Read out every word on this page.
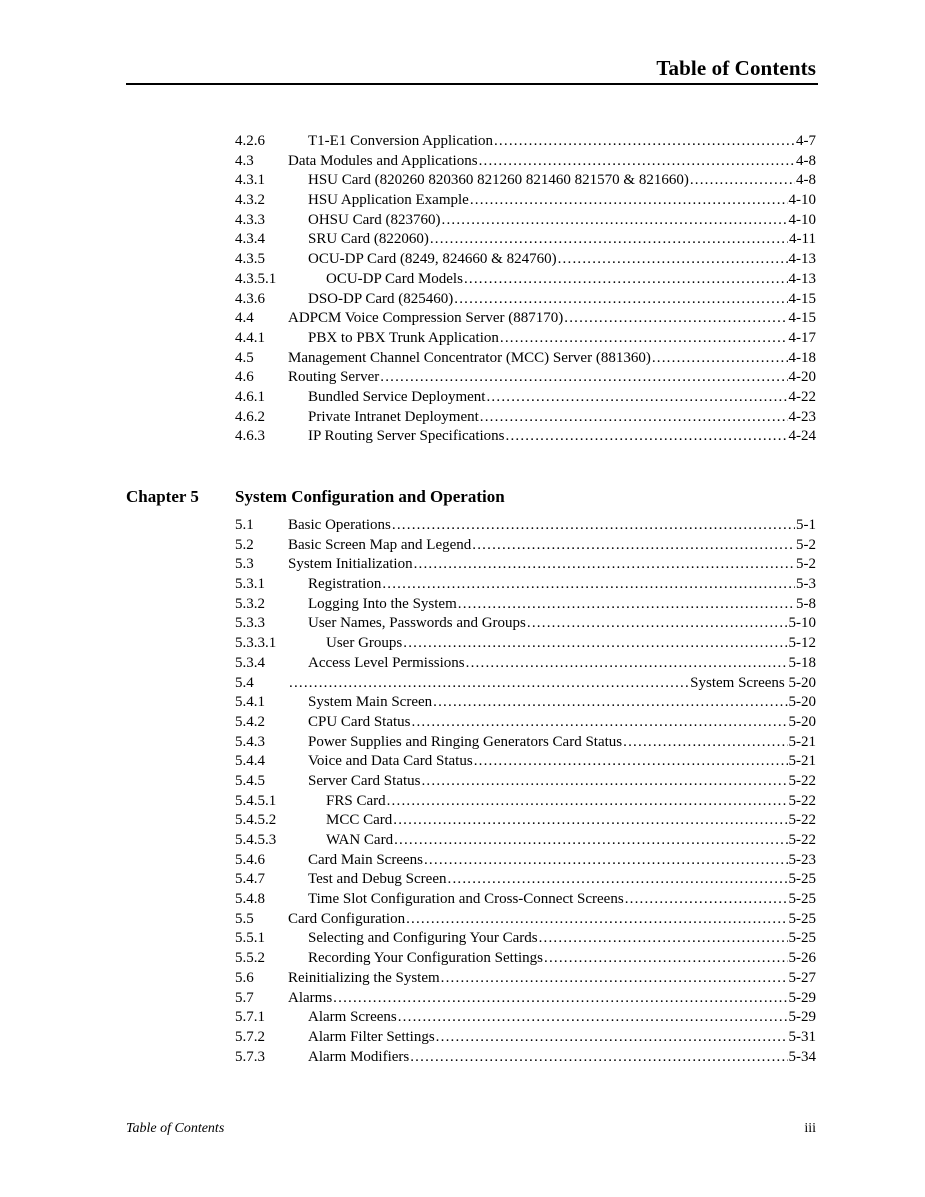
Table of Contents
4.2.6	T1-E1 Conversion Application .....	4-7
4.3 Data Modules and Applications .....	4-8
4.3.1	HSU Card (820260 820360 821260 821460 821570 & 821660) .....	4-8
4.3.2	HSU Application Example .....	4-10
4.3.3	OHSU Card (823760) .....	4-10
4.3.4	SRU Card (822060) .....	4-11
4.3.5	OCU-DP Card (8249, 824660 & 824760) .....	4-13
4.3.5.1	OCU-DP Card Models .....	4-13
4.3.6	DSO-DP Card (825460) .....	4-15
4.4 ADPCM Voice Compression Server (887170) .....	4-15
4.4.1	PBX to PBX Trunk Application .....	4-17
4.5 Management Channel Concentrator (MCC) Server (881360) .....	4-18
4.6 Routing Server .....	4-20
4.6.1	Bundled Service Deployment .....	4-22
4.6.2	Private Intranet Deployment .....	4-23
4.6.3	IP Routing Server Specifications .....	4-24
Chapter 5 System Configuration and Operation
5.1 Basic Operations .....	5-1
5.2 Basic Screen Map and Legend .....	5-2
5.3 System Initialization .....	5-2
5.3.1	Registration .....	5-3
5.3.2	Logging Into the System .....	5-8
5.3.3	User Names, Passwords and Groups .....	5-10
5.3.3.1	User Groups .....	5-12
5.3.4	Access Level Permissions .....	5-18
5.4 .....	System Screens 5-20
5.4.1	System Main Screen .....	5-20
5.4.2	CPU Card Status .....	5-20
5.4.3	Power Supplies and Ringing Generators Card Status .....	5-21
5.4.4	Voice and Data Card Status .....	5-21
5.4.5	Server Card Status .....	5-22
5.4.5.1	FRS Card .....	5-22
5.4.5.2	MCC Card .....	5-22
5.4.5.3	WAN Card .....	5-22
5.4.6	Card Main Screens .....	5-23
5.4.7	Test and Debug Screen .....	5-25
5.4.8	Time Slot Configuration and Cross-Connect Screens .....	5-25
5.5 Card Configuration .....	5-25
5.5.1	Selecting and Configuring Your Cards .....	5-25
5.5.2	Recording Your Configuration Settings .....	5-26
5.6 Reinitializing the System .....	5-27
5.7 Alarms .....	5-29
5.7.1	Alarm Screens .....	5-29
5.7.2	Alarm Filter Settings .....	5-31
5.7.3	Alarm Modifiers .....	5-34
Table of Contents	iii
